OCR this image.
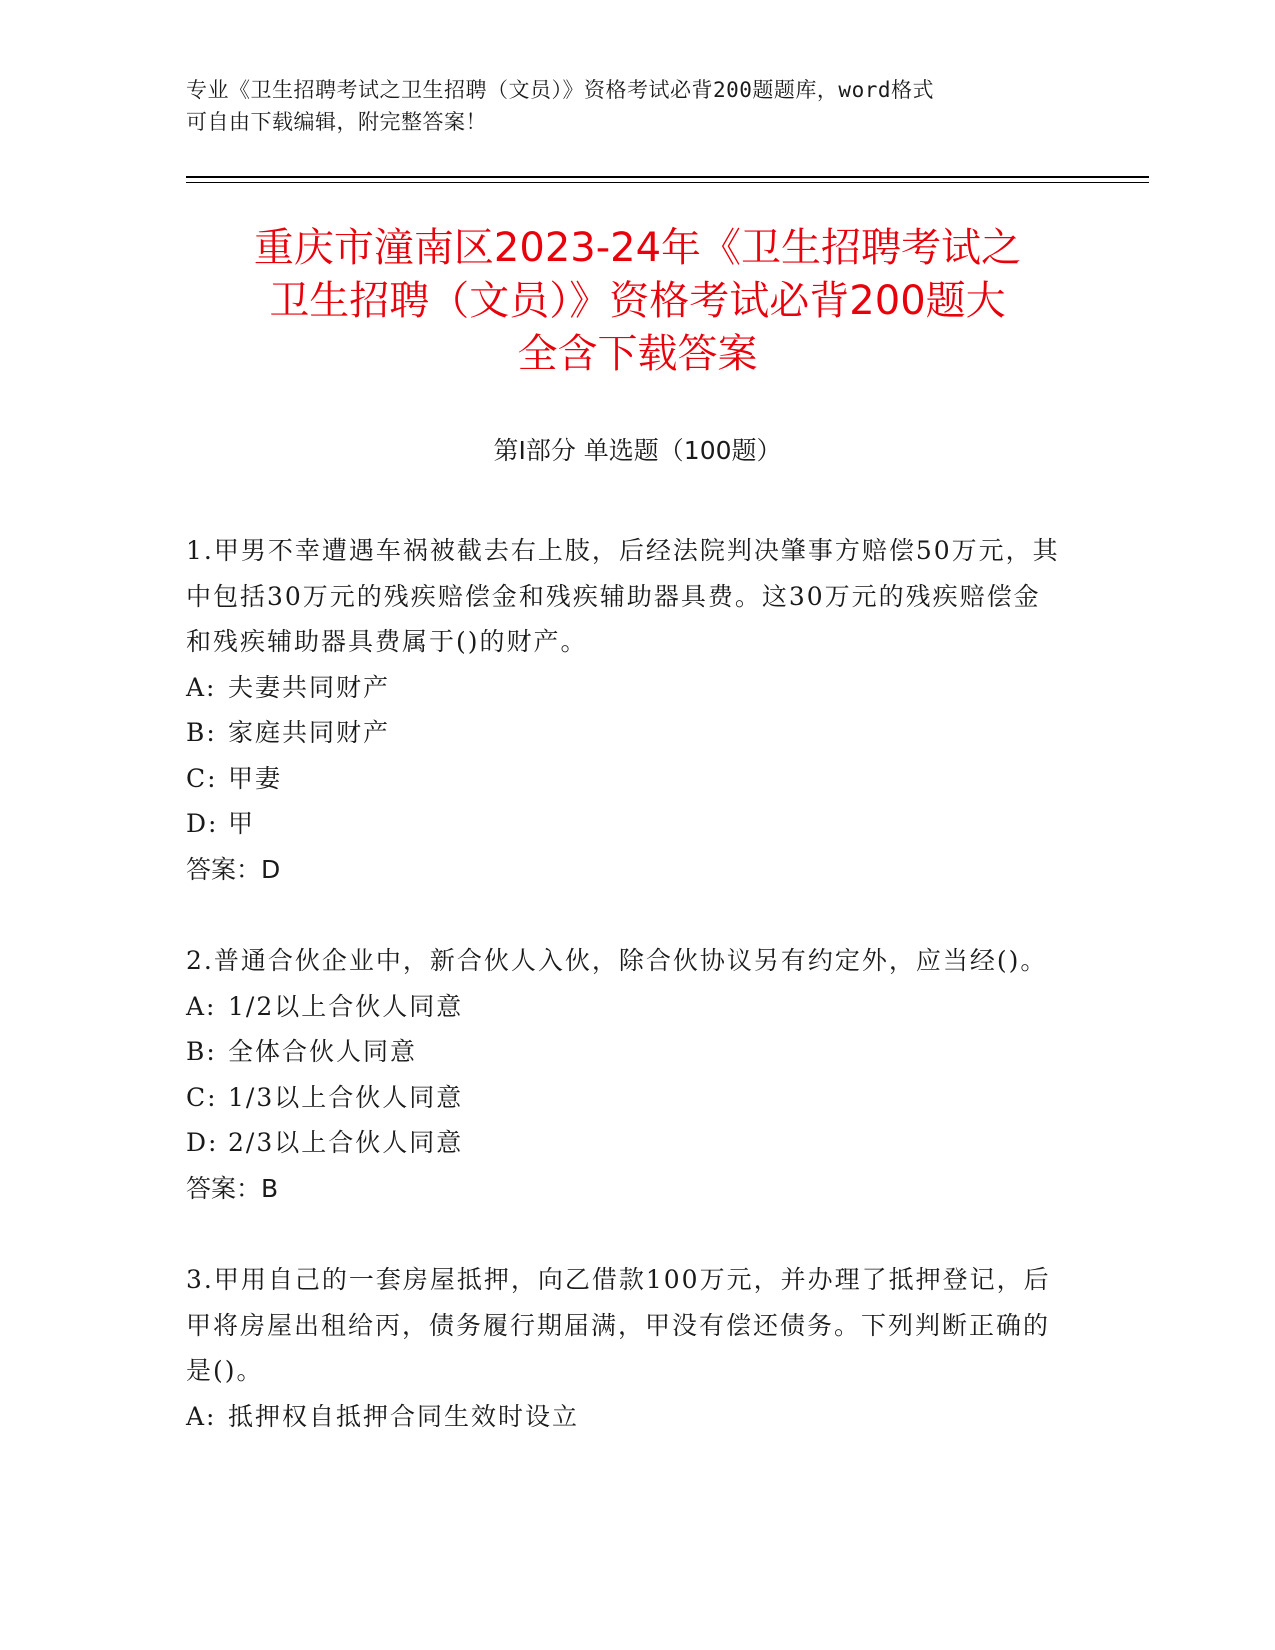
专业《卫生招聘考试之卫生招聘（文员）》资格考试必背200题题库，word格式
可自由下载编辑，附完整答案！
重庆市潼南区2023-24年《卫生招聘考试之
卫生招聘（文员）》资格考试必背200题大
全含下载答案
第Ⅰ部分 单选题（100题）
1.甲男不幸遭遇车祸被截去右上肢，后经法院判决肇事方赔偿50万元，其中包括30万元的残疾赔偿金和残疾辅助器具费。这30万元的残疾赔偿金和残疾辅助器具费属于()的财产。
A: 夫妻共同财产
B: 家庭共同财产
C: 甲妻
D: 甲
答案：D
2.普通合伙企业中，新合伙人入伙，除合伙协议另有约定外，应当经()。
A: 1/2以上合伙人同意
B: 全体合伙人同意
C: 1/3以上合伙人同意
D: 2/3以上合伙人同意
答案：B
3.甲用自己的一套房屋抵押，向乙借款100万元，并办理了抵押登记，后甲将房屋出租给丙，债务履行期届满，甲没有偿还债务。下列判断正确的是()。
A: 抵押权自抵押合同生效时设立
